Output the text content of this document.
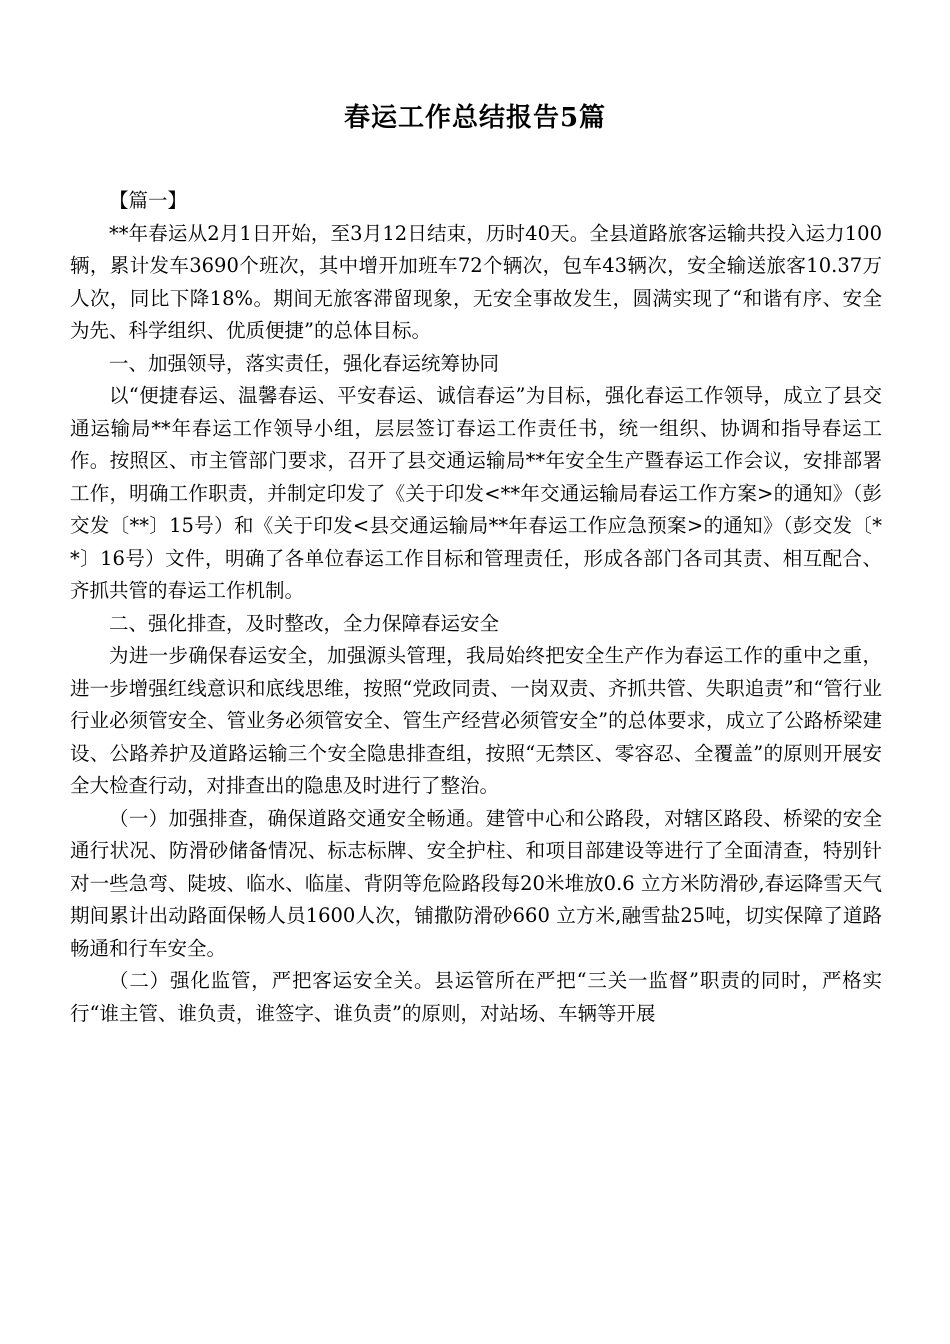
春运工作总结报告5篇

【篇一】

**年春运从2月1日开始，至3月12日结束，历时40天。全县道路旅客运输共投入运力100辆，累计发车3690个班次，其中增开加班车72个辆次，包车43辆次，安全输送旅客10.37万人次，同比下降18%。期间无旅客滞留现象，无安全事故发生，圆满实现了“和谐有序、安全为先、科学组织、优质便捷”的总体目标。

一、加强领导，落实责任，强化春运统筹协同

以“便捷春运、温馨春运、平安春运、诚信春运”为目标，强化春运工作领导，成立了县交通运输局**年春运工作领导小组，层层签订春运工作责任书，统一组织、协调和指导春运工作。按照区、市主管部门要求，召开了县交通运输局**年安全生产暨春运工作会议，安排部署工作，明确工作职责，并制定印发了《关于印发<**年交通运输局春运工作方案>的通知》（彭交发〔**〕15号）和《关于印发<县交通运输局**年春运工作应急预案>的通知》（彭交发〔**〕16号）文件，明确了各单位春运工作目标和管理责任，形成各部门各司其责、相互配合、齐抓共管的春运工作机制。

二、强化排查，及时整改，全力保障春运安全

为进一步确保春运安全，加强源头管理，我局始终把安全生产作为春运工作的重中之重，进一步增强红线意识和底线思维，按照“党政同责、一岗双责、齐抓共管、失职追责”和“管行业行业必须管安全、管业务必须管安全、管生产经营必须管安全”的总体要求，成立了公路桥梁建设、公路养护及道路运输三个安全隐患排查组，按照“无禁区、零容忍、全覆盖”的原则开展安全大检查行动，对排查出的隐患及时进行了整治。

（一）加强排查，确保道路交通安全畅通。建管中心和公路段，对辖区路段、桥梁的安全通行状况、防滑砂储备情况、标志标牌、安全护柱、和项目部建设等进行了全面清查，特别针对一些急弯、陡坡、临水、临崖、背阴等危险路段每20米堆放0.6 立方米防滑砂,春运降雪天气期间累计出动路面保畅人员1600人次，铺撒防滑砂660 立方米,融雪盐25吨，切实保障了道路畅通和行车安全。

（二）强化监管，严把客运安全关。县运管所在严把“三关一监督”职责的同时，严格实行“谁主管、谁负责，谁签字、谁负责”的原则，对站场、车辆等开展
